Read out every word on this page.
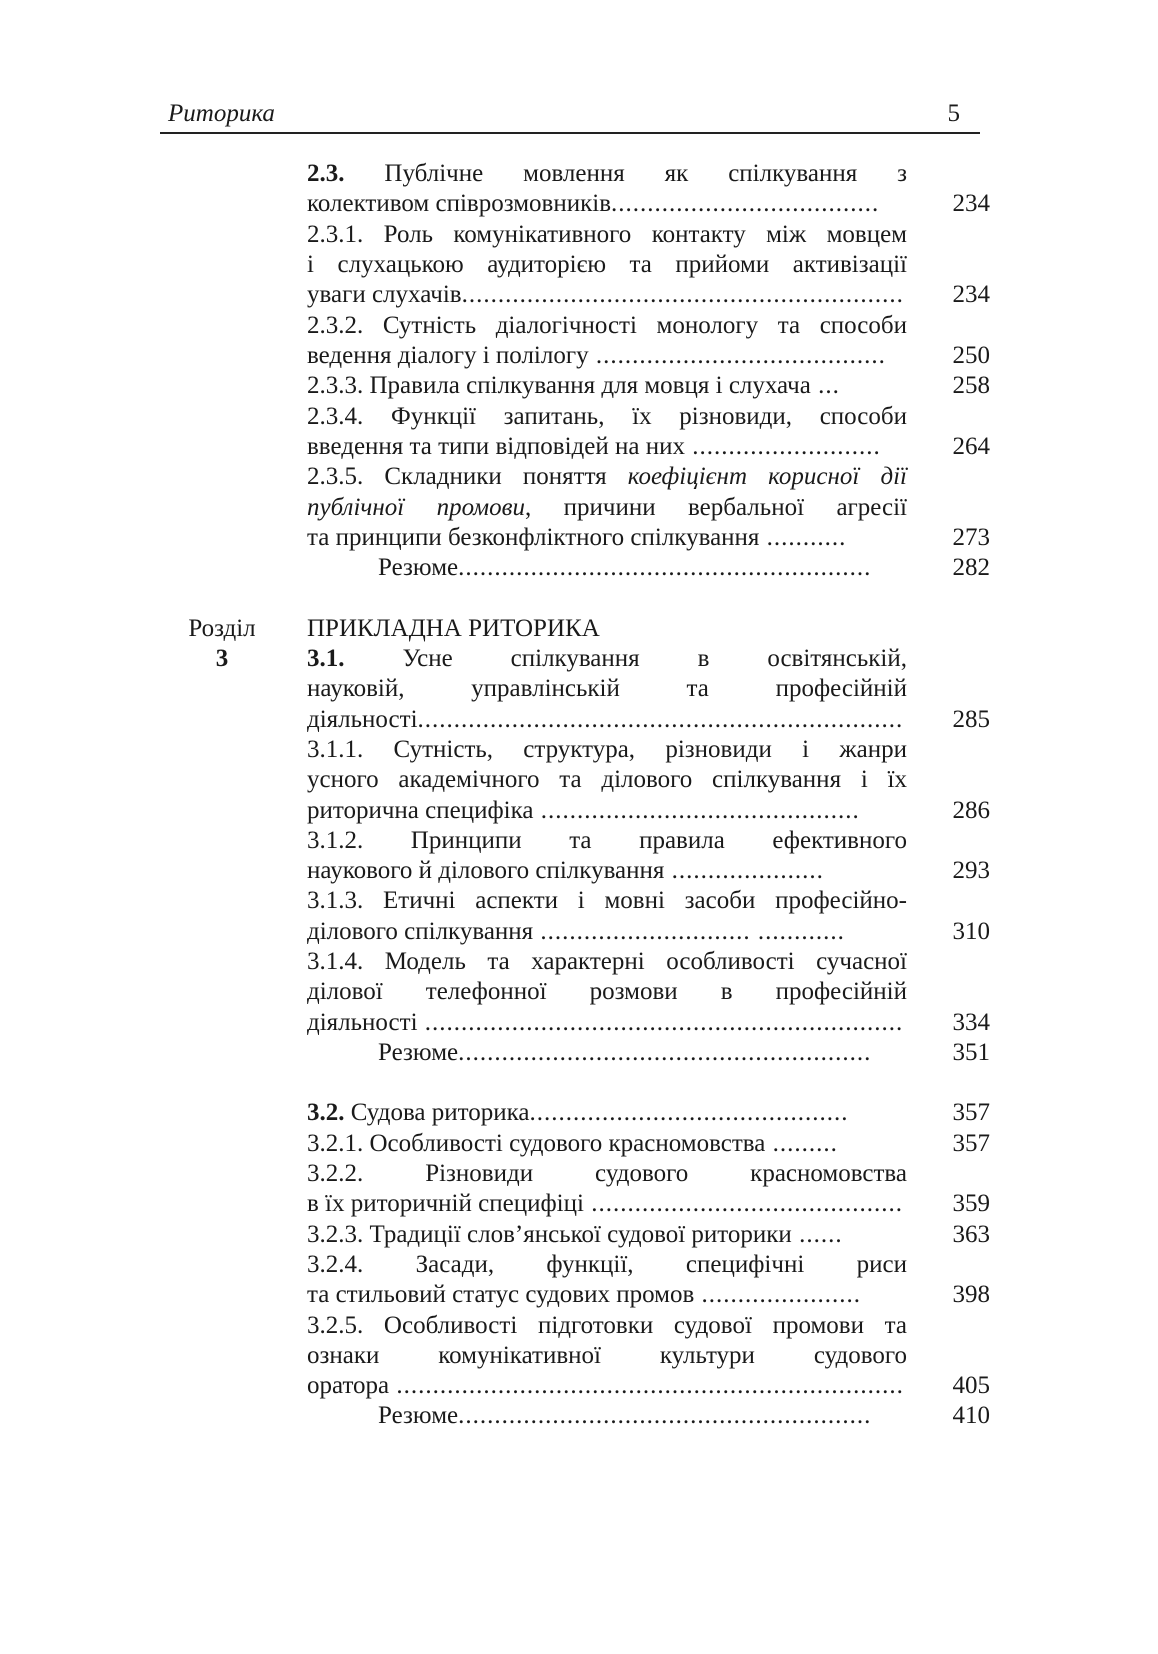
Риторика	5
2.3. Публічне мовлення як спілкування з
колективом співрозмовників.....................................	234
2.3.1. Роль комунікативного контакту між мовцем
і слухацькою аудиторією та прийоми активізації
уваги слухачів.............................................................	234
2.3.2. Сутність діалогічності монологу та способи
ведення діалогу і полілогу ........................................	250
2.3.3. Правила спілкування для мовця і слухача ...	258
2.3.4. Функції запитань, їх різновиди, способи
введення та типи відповідей на них ..........................	264
2.3.5. Складники поняття коефіцієнт корисної дії
публічної промови, причини вербальної агресії
та принципи безконфліктного спілкування ...........	273
Резюме.........................................................	282
Розділ
3
ПРИКЛАДНА РИТОРИКА
3.1. Усне спілкування в освітянській,
науковій, управлінській та професійній
діяльності...................................................................	285
3.1.1. Сутність, структура, різновиди і жанри
усного академічного та ділового спілкування і їх
риторична специфіка ............................................	286
3.1.2. Принципи та правила ефективного
наукового й ділового спілкування .....................	293
3.1.3. Етичні аспекти і мовні засоби професійно-
ділового спілкування ............................. ............	310
3.1.4. Модель та характерні особливості сучасної
ділової телефонної розмови в професійній
діяльності ..................................................................	334
Резюме.........................................................	351
3.2. Судова риторика............................................	357
3.2.1. Особливості судового красномовства .........	357
3.2.2. Різновиди судового красномовства
в їх риторичній специфіці ...........................................	359
3.2.3. Традиції слов’янської судової риторики ......	363
3.2.4. Засади, функції, специфічні риси
та стильовий статус судових промов ......................	398
3.2.5. Особливості підготовки судової промови та
ознаки комунікативної культури судового
оратора ......................................................................	405
Резюме.........................................................	410
